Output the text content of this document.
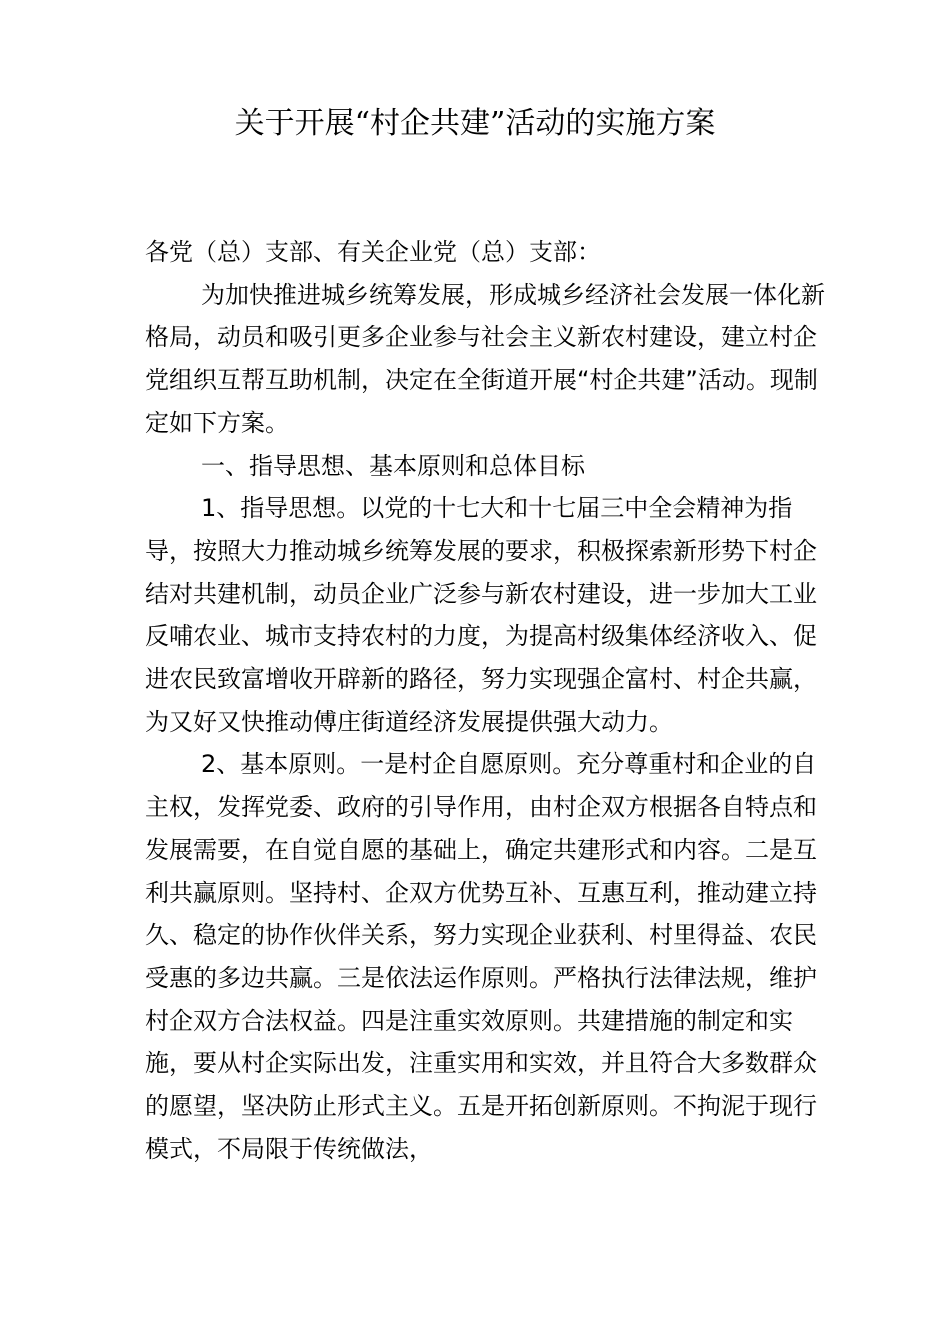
关于开展“村企共建”活动的实施方案

各党（总）支部、有关企业党（总）支部：

为加快推进城乡统筹发展，形成城乡经济社会发展一体化新格局，动员和吸引更多企业参与社会主义新农村建设，建立村企党组织互帮互助机制，决定在全街道开展“村企共建”活动。现制定如下方案。

一、指导思想、基本原则和总体目标

1、指导思想。以党的十七大和十七届三中全会精神为指导，按照大力推动城乡统筹发展的要求，积极探索新形势下村企结对共建机制，动员企业广泛参与新农村建设，进一步加大工业反哺农业、城市支持农村的力度，为提高村级集体经济收入、促进农民致富增收开辟新的路径，努力实现强企富村、村企共赢，为又好又快推动傅庄街道经济发展提供强大动力。

2、基本原则。一是村企自愿原则。充分尊重村和企业的自主权，发挥党委、政府的引导作用，由村企双方根据各自特点和发展需要，在自觉自愿的基础上，确定共建形式和内容。二是互利共赢原则。坚持村、企双方优势互补、互惠互利，推动建立持久、稳定的协作伙伴关系，努力实现企业获利、村里得益、农民受惠的多边共赢。三是依法运作原则。严格执行法律法规，维护村企双方合法权益。四是注重实效原则。共建措施的制定和实施，要从村企实际出发，注重实用和实效，并且符合大多数群众的愿望，坚决防止形式主义。五是开拓创新原则。不拘泥于现行模式，不局限于传统做法，
